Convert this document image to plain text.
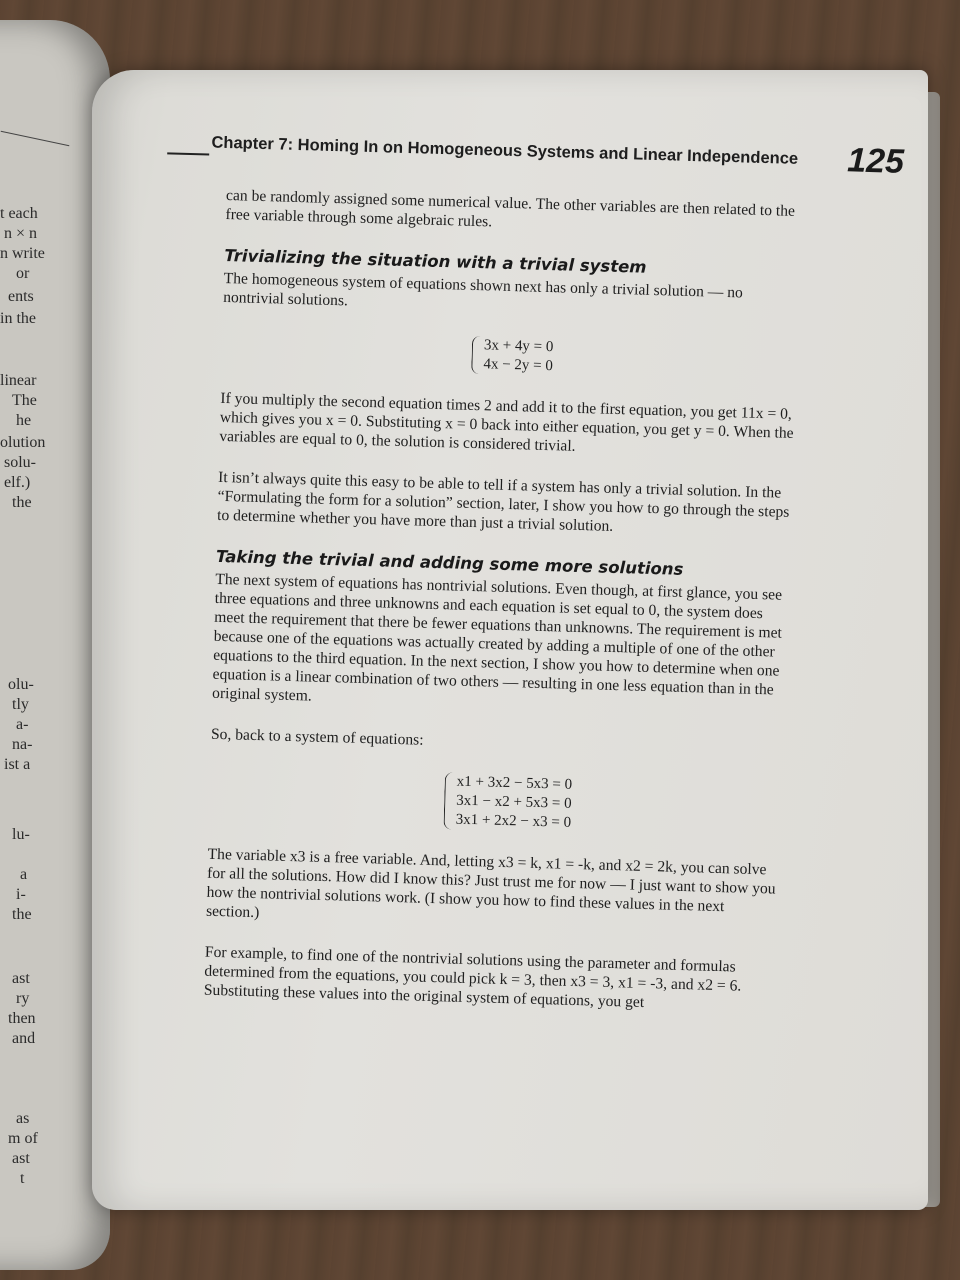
t each
n × n
n write
or
ents
in the
linear
The
he
olution
solu-
elf.)
the
olu-
tly
a-
na-
ist a
lu-
a
i-
the
ast
ry
then
and
as
m of
ast
t
Chapter 7: Homing In on Homogeneous Systems and Linear Independence	125

can be randomly assigned some numerical value. The other variables are then related to the free variable through some algebraic rules.

Trivializing the situation with a trivial system

The homogeneous system of equations shown next has only a trivial solution — no nontrivial solutions.

3x + 4y = 0
4x − 2y = 0

If you multiply the second equation times 2 and add it to the first equation, you get 11x = 0, which gives you x = 0. Substituting x = 0 back into either equation, you get y = 0. When the variables are equal to 0, the solution is considered trivial.

It isn’t always quite this easy to be able to tell if a system has only a trivial solution. In the “Formulating the form for a solution” section, later, I show you how to go through the steps to determine whether you have more than just a trivial solution.

Taking the trivial and adding some more solutions

The next system of equations has nontrivial solutions. Even though, at first glance, you see three equations and three unknowns and each equation is set equal to 0, the system does meet the requirement that there be fewer equations than unknowns. The requirement is met because one of the equations was actually created by adding a multiple of one of the other equations to the third equation. In the next section, I show you how to determine when one equation is a linear combination of two others — resulting in one less equation than in the original system.

So, back to a system of equations:

x1 + 3x2 − 5x3 = 0
3x1 − x2 + 5x3 = 0
3x1 + 2x2 − x3 = 0

The variable x3 is a free variable. And, letting x3 = k, x1 = -k, and x2 = 2k, you can solve for all the solutions. How did I know this? Just trust me for now — I just want to show you how the nontrivial solutions work. (I show you how to find these values in the next section.)

For example, to find one of the nontrivial solutions using the parameter and formulas determined from the equations, you could pick k = 3, then x3 = 3, x1 = -3, and x2 = 6. Substituting these values into the original system of equations, you get
